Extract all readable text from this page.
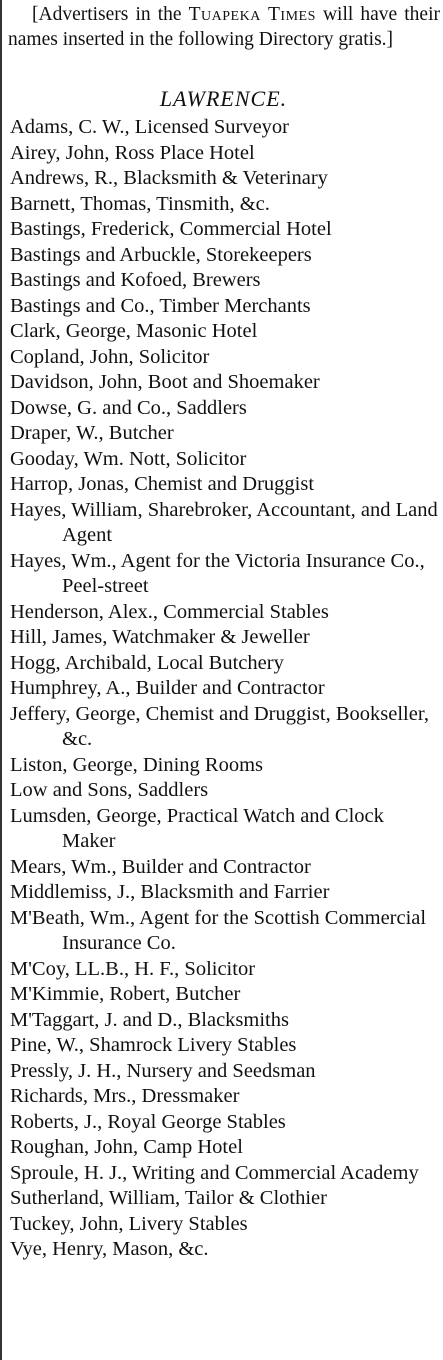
[Advertisers in the Tuapeka Times will have their names inserted in the following Directory gratis.]
LAWRENCE.
Adams, C. W., Licensed Surveyor
Airey, John, Ross Place Hotel
Andrews, R., Blacksmith & Veterinary
Barnett, Thomas, Tinsmith, &c.
Bastings, Frederick, Commercial Hotel
Bastings and Arbuckle, Storekeepers
Bastings and Kofoed, Brewers
Bastings and Co., Timber Merchants
Clark, George, Masonic Hotel
Copland, John, Solicitor
Davidson, John, Boot and Shoemaker
Dowse, G. and Co., Saddlers
Draper, W., Butcher
Gooday, Wm. Nott, Solicitor
Harrop, Jonas, Chemist and Druggist
Hayes, William, Sharebroker, Accountant, and Land Agent
Hayes, Wm., Agent for the Victoria Insurance Co., Peel-street
Henderson, Alex., Commercial Stables
Hill, James, Watchmaker & Jeweller
Hogg, Archibald, Local Butchery
Humphrey, A., Builder and Contractor
Jeffery, George, Chemist and Druggist, Bookseller, &c.
Liston, George, Dining Rooms
Low and Sons, Saddlers
Lumsden, George, Practical Watch and Clock Maker
Mears, Wm., Builder and Contractor
Middlemiss, J., Blacksmith and Farrier
M'Beath, Wm., Agent for the Scottish Commercial Insurance Co.
M'Coy, LL.B., H. F., Solicitor
M'Kimmie, Robert, Butcher
M'Taggart, J. and D., Blacksmiths
Pine, W., Shamrock Livery Stables
Pressly, J. H., Nursery and Seedsman
Richards, Mrs., Dressmaker
Roberts, J., Royal George Stables
Roughan, John, Camp Hotel
Sproule, H. J., Writing and Commercial Academy
Sutherland, William, Tailor & Clothier
Tuckey, John, Livery Stables
Vye, Henry, Mason, &c.
